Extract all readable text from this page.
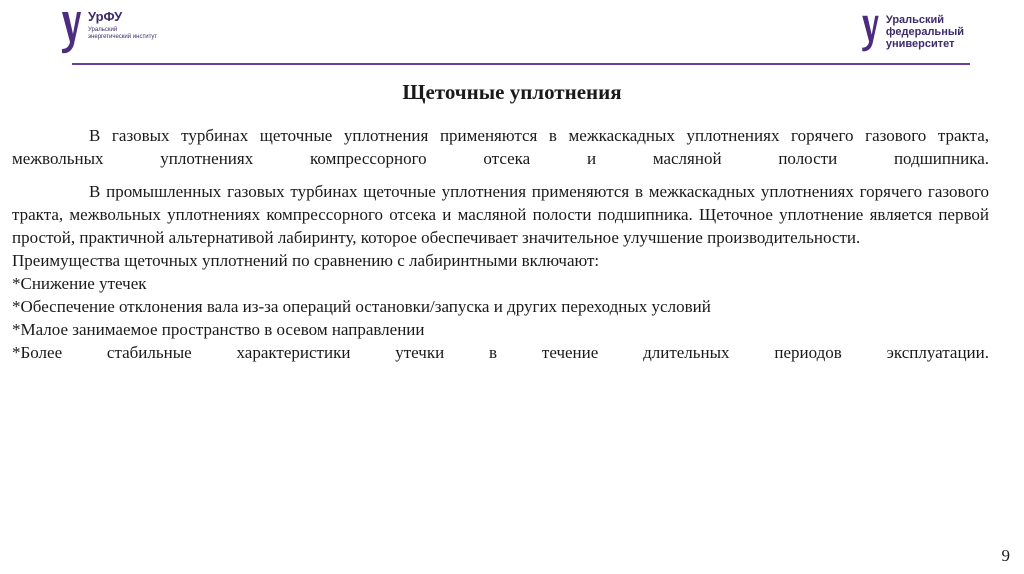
УрФУ
Уральский энергетический институт
Уральский
федеральный
университет
Щеточные уплотнения

В газовых турбинах щеточные уплотнения применяются в межкаскадных уплотнениях горячего газового тракта, межвольных уплотнениях компрессорного отсека и масляной полости подшипника.

В промышленных газовых турбинах щеточные уплотнения применяются в межкаскадных уплотнениях горячего газового тракта, межвольных уплотнениях компрессорного отсека и масляной полости подшипника. Щеточное уплотнение является первой простой, практичной альтернативой лабиринту, которое обеспечивает значительное улучшение производительности.

Преимущества щеточных уплотнений по сравнению с лабиринтными включают:

*Снижение утечек

*Обеспечение отклонения вала из-за операций остановки/запуска и других переходных условий

*Малое занимаемое пространство в осевом направлении

*Более стабильные характеристики утечки в течение длительных периодов эксплуатации.

9
